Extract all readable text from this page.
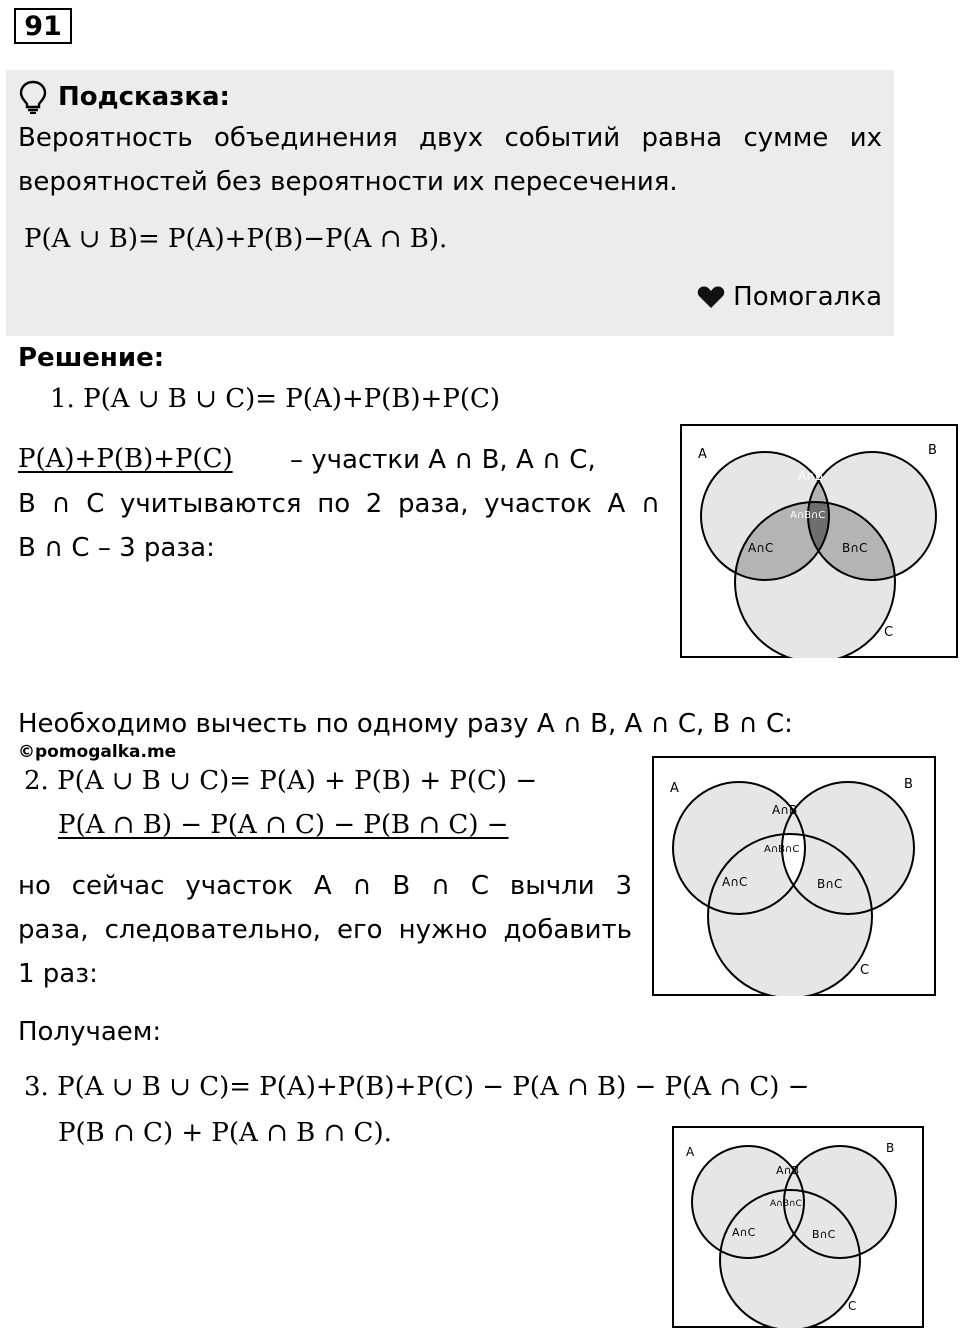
91
Подсказка:
Вероятность объединения двух событий равна сумме их
вероятностей без вероятности их пересечения.
P(A ∪ B)= P(A)+P(B)−P(A ∩ B).
Помогалка
Решение:
1. P(A ∪ B ∪ C)= P(A)+P(B)+P(C)
P(A)+P(B)+P(C) – участки A ∩ B, A ∩ C,
B ∩ C учитываются по 2 раза, участок A ∩
B ∩ C – 3 раза:
A	B
C
A∩B
A∩B∩C
A∩C	B∩C
Необходимо вычесть по одному разу A ∩ B, A ∩ C, B ∩ C:
©pomogalka.me
2. P(A ∪ B ∪ C)= P(A) + P(B) + P(C) −
P(A ∩ B) − P(A ∩ C) − P(B ∩ C) −
но сейчас участок A ∩ B ∩ C вычли 3
раза, следовательно, его нужно добавить
1 раз:
A	B
C
A∩B
A∩B∩C
A∩C	B∩C
Получаем:
3. P(A ∪ B ∪ C)= P(A)+P(B)+P(C) − P(A ∩ B) − P(A ∩ C) −
P(B ∩ C) + P(A ∩ B ∩ C).
A	B
C
A∩B
A∩B∩C
A∩C	B∩C
